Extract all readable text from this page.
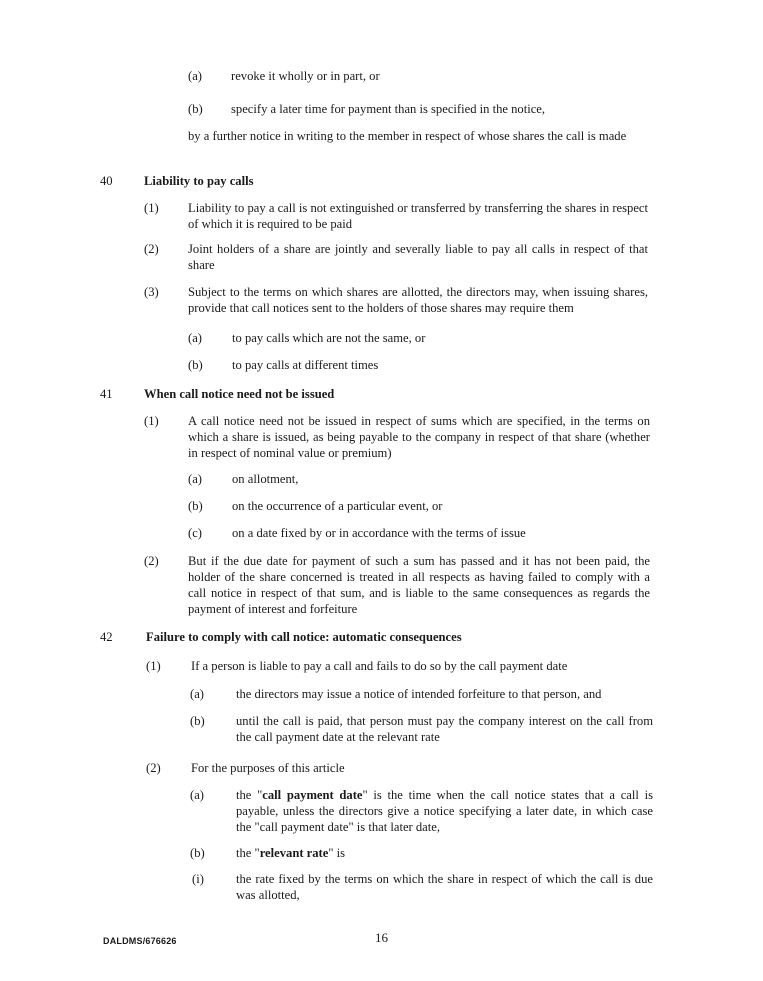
(a) revoke it wholly or in part, or
(b) specify a later time for payment than is specified in the notice,
by a further notice in writing to the member in respect of whose shares the call is made
40 Liability to pay calls
(1) Liability to pay a call is not extinguished or transferred by transferring the shares in respect of which it is required to be paid
(2) Joint holders of a share are jointly and severally liable to pay all calls in respect of that share
(3) Subject to the terms on which shares are allotted, the directors may, when issuing shares, provide that call notices sent to the holders of those shares may require them
(a) to pay calls which are not the same, or
(b) to pay calls at different times
41 When call notice need not be issued
(1) A call notice need not be issued in respect of sums which are specified, in the terms on which a share is issued, as being payable to the company in respect of that share (whether in respect of nominal value or premium)
(a) on allotment,
(b) on the occurrence of a particular event, or
(c) on a date fixed by or in accordance with the terms of issue
(2) But if the due date for payment of such a sum has passed and it has not been paid, the holder of the share concerned is treated in all respects as having failed to comply with a call notice in respect of that sum, and is liable to the same consequences as regards the payment of interest and forfeiture
42	Failure to comply with call notice: automatic consequences
(1) If a person is liable to pay a call and fails to do so by the call payment date
(a)	the directors may issue a notice of intended forfeiture to that person, and
(b) until the call is paid, that person must pay the company interest on the call from the call payment date at the relevant rate
(2) For the purposes of this article
(a)	the "call payment date" is the time when the call notice states that a call is payable, unless the directors give a notice specifying a later date, in which case the "call payment date" is that later date,
(b) the "relevant rate" is
(i)	the rate fixed by the terms on which the share in respect of which the call is due was allotted,
DALDMS/676626	16
